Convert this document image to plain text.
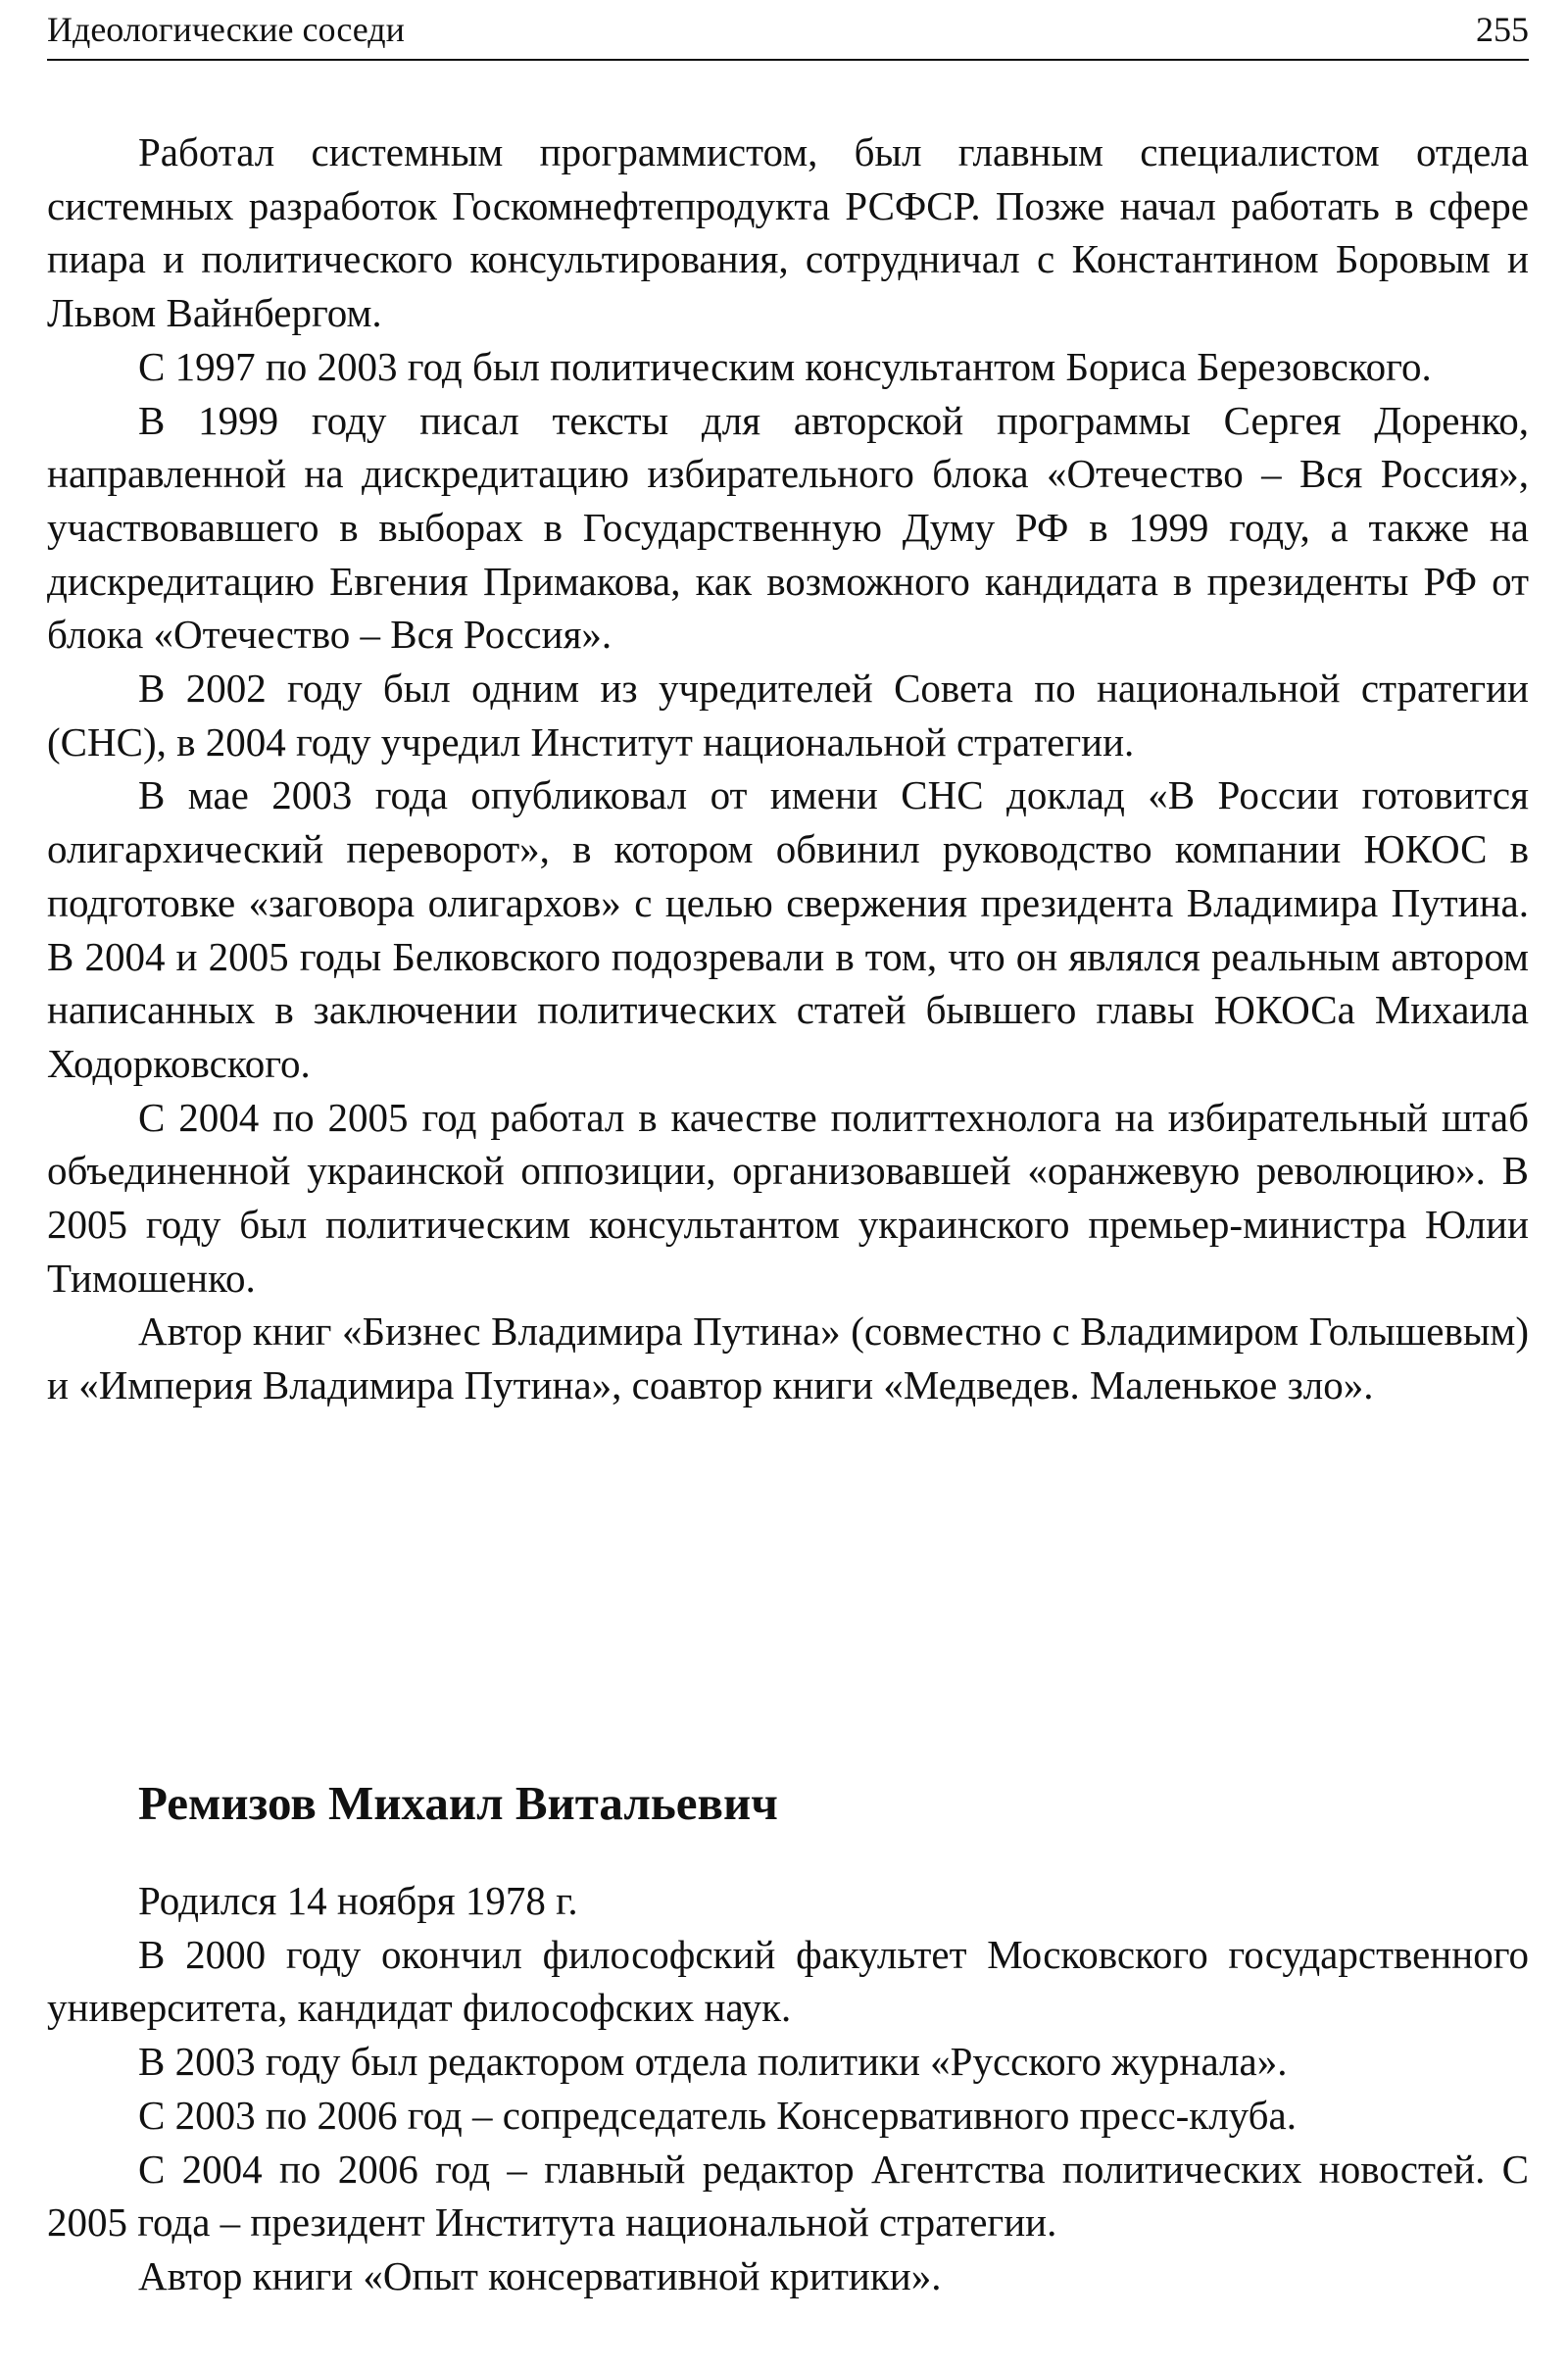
Идеологические соседи	255

Работал системным программистом, был главным специалистом отдела системных разработок Госкомнефтепродукта РСФСР. Позже начал работать в сфере пиара и политического консультирования, сотрудничал с Константином Боровым и Львом Вайнбергом.

С 1997 по 2003 год был политическим консультантом Бориса Березовского.

В 1999 году писал тексты для авторской программы Сергея Доренко, направленной на дискредитацию избирательного блока «Отечество – Вся Россия», участвовавшего в выборах в Государственную Думу РФ в 1999 году, а также на дискредитацию Евгения Примакова, как возможного кандидата в президенты РФ от блока «Отечество – Вся Россия».

В 2002 году был одним из учредителей Совета по национальной стратегии (СНС), в 2004 году учредил Институт национальной стратегии.

В мае 2003 года опубликовал от имени СНС доклад «В России готовится олигархический переворот», в котором обвинил руководство компании ЮКОС в подготовке «заговора олигархов» с целью свержения президента Владимира Путина. В 2004 и 2005 годы Белковского подозревали в том, что он являлся реальным автором написанных в заключении политических статей бывшего главы ЮКОСа Михаила Ходорковского.

С 2004 по 2005 год работал в качестве политтехнолога на избирательный штаб объединенной украинской оппозиции, организовавшей «оранжевую революцию». В 2005 году был политическим консультантом украинского премьер-министра Юлии Тимошенко.

Автор книг «Бизнес Владимира Путина» (совместно с Владимиром Голышевым) и «Империя Владимира Путина», соавтор книги «Медведев. Маленькое зло».

Ремизов Михаил Витальевич

Родился 14 ноября 1978 г.

В 2000 году окончил философский факультет Московского государственного университета, кандидат философских наук.

В 2003 году был редактором отдела политики «Русского журнала».

С 2003 по 2006 год – сопредседатель Консервативного пресс-клуба.

С 2004 по 2006 год – главный редактор Агентства политических новостей. С 2005 года – президент Института национальной стратегии.

Автор книги «Опыт консервативной критики».
